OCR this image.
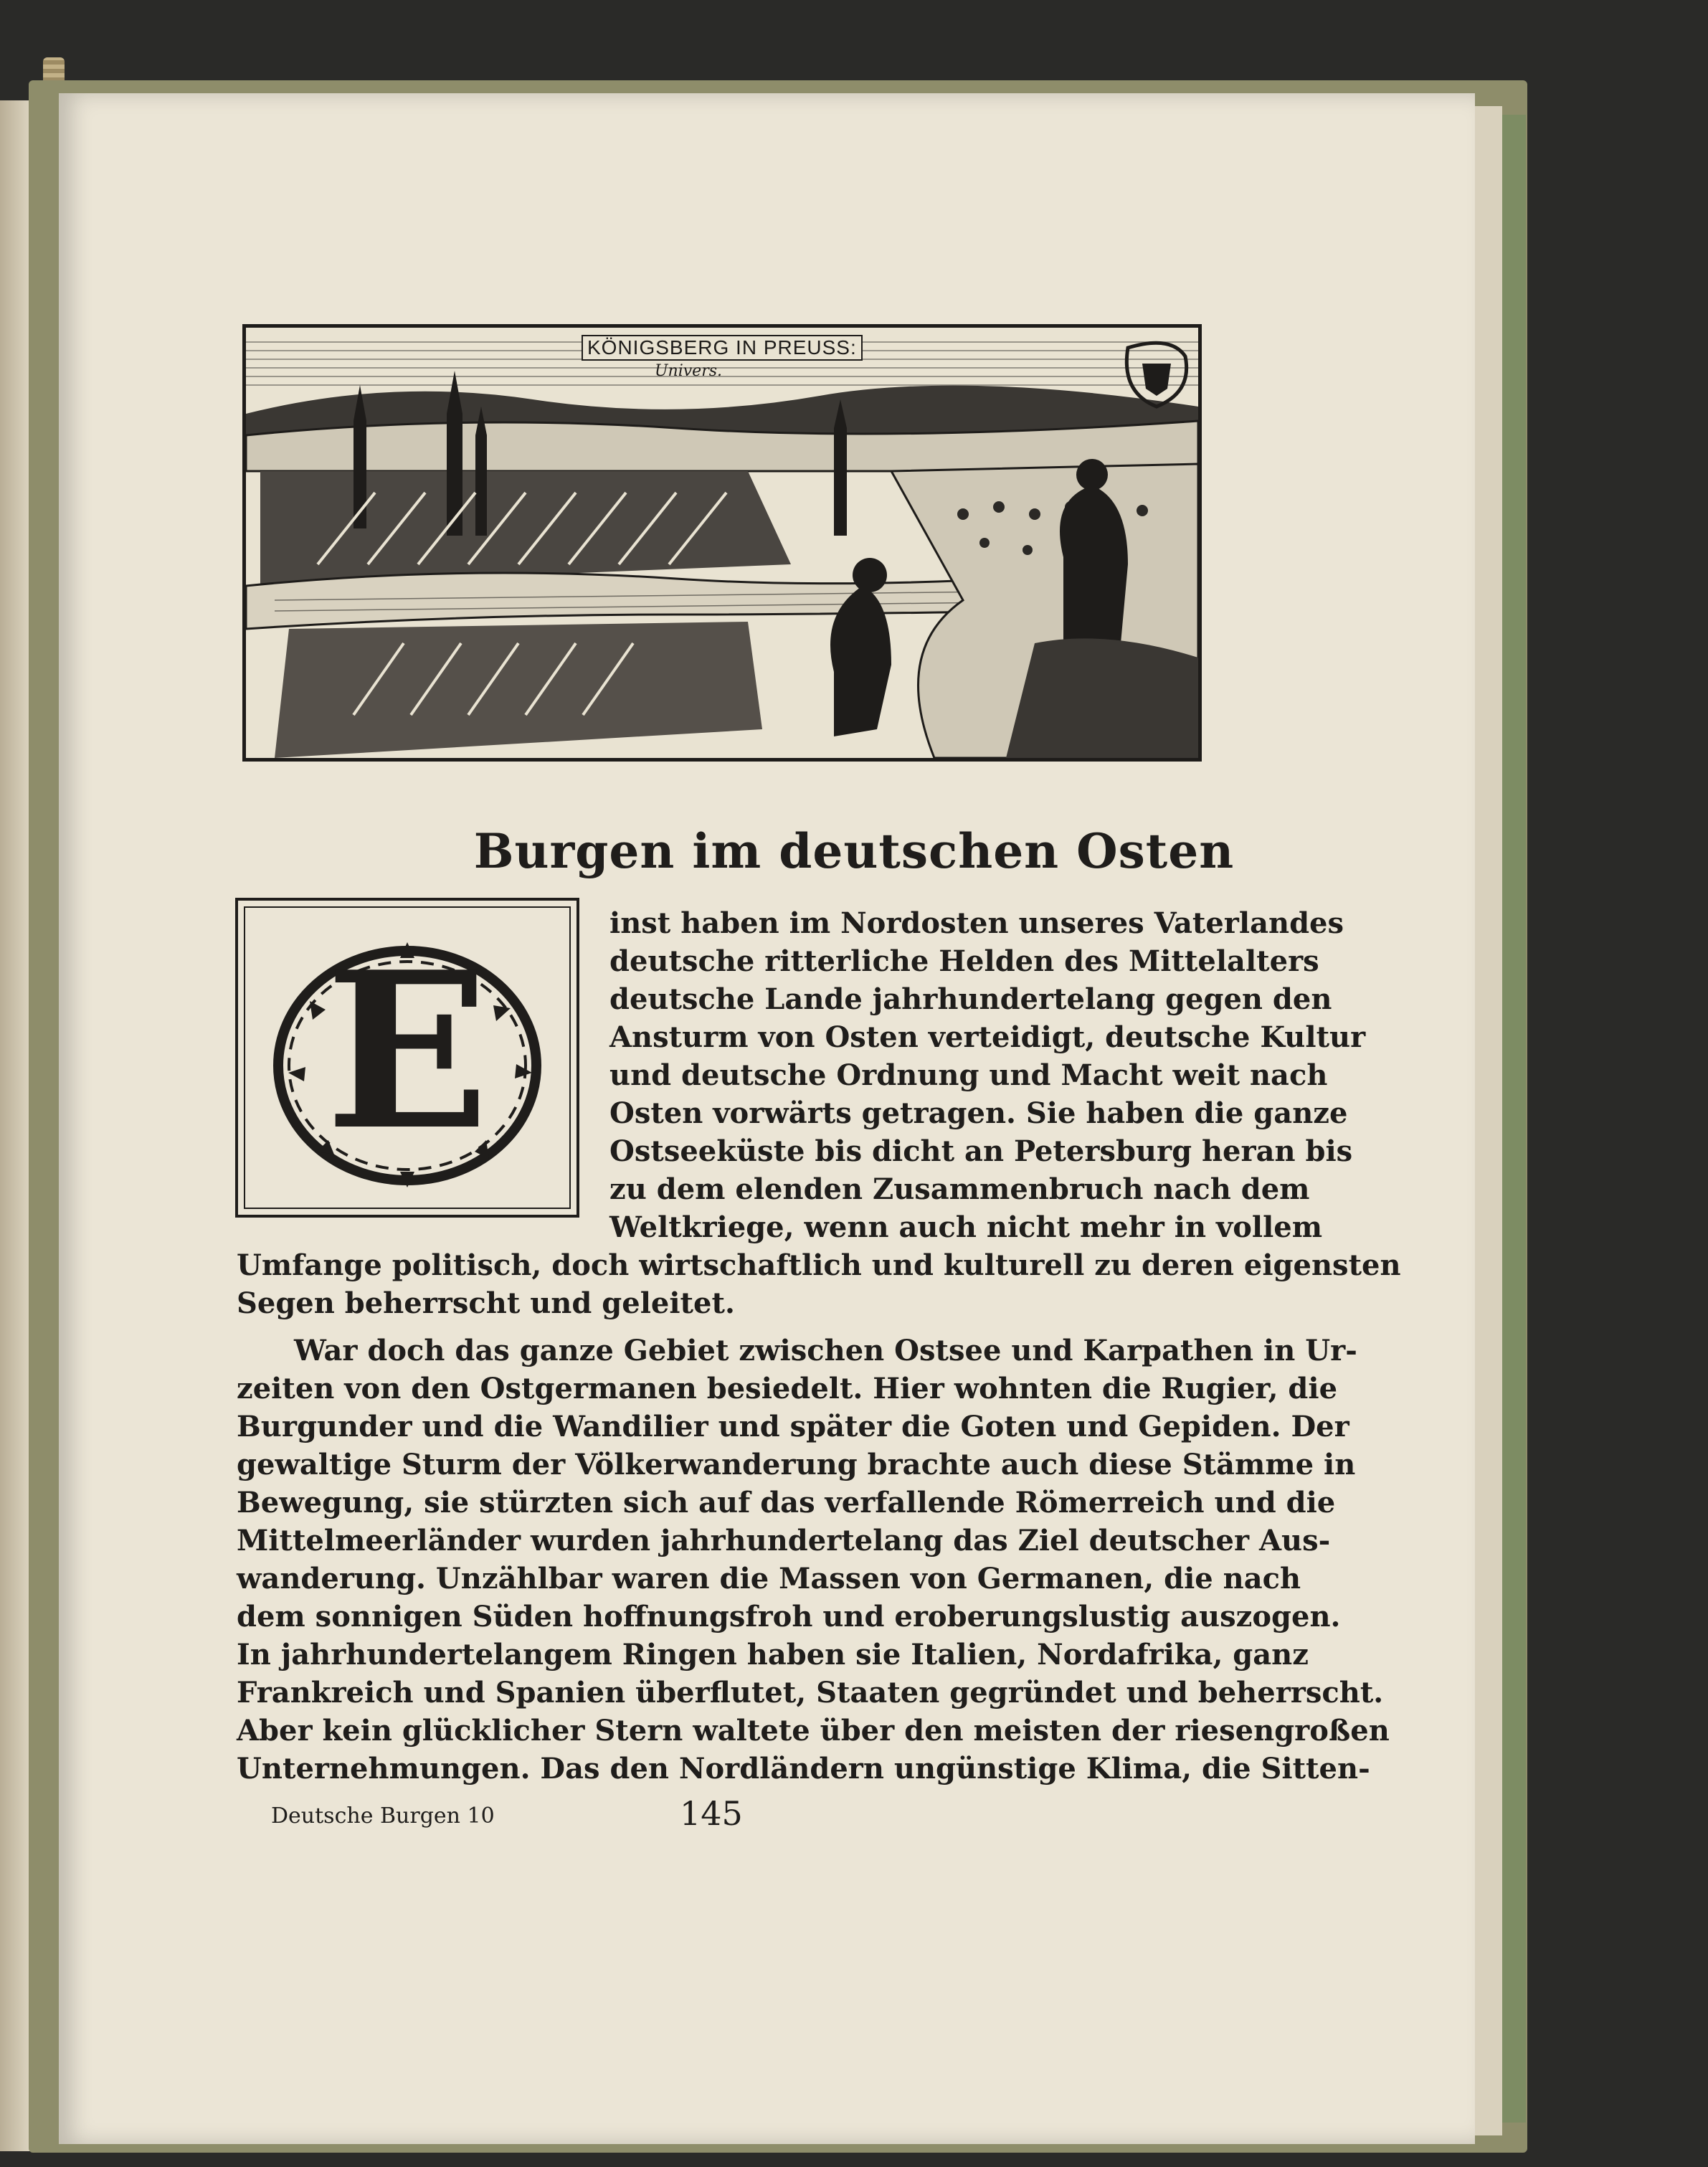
KÖNIGSBERG IN PREUSS:
Univers.
Burgen im deutschen Osten
E
inst haben im Nordosten unseres Vaterlandes
deutsche ritterliche Helden des Mittelalters
deutsche Lande jahrhundertelang gegen den
Ansturm von Osten verteidigt, deutsche Kultur
und deutsche Ordnung und Macht weit nach
Osten vorwärts getragen. Sie haben die ganze
Ostseeküste bis dicht an Petersburg heran bis
zu dem elenden Zusammenbruch nach dem
Weltkriege, wenn auch nicht mehr in vollem
Umfange politisch, doch wirtschaftlich und kulturell zu deren eigensten
Segen beherrscht und geleitet.
War doch das ganze Gebiet zwischen Ostsee und Karpathen in Ur-
zeiten von den Ostgermanen besiedelt. Hier wohnten die Rugier, die
Burgunder und die Wandilier und später die Goten und Gepiden. Der
gewaltige Sturm der Völkerwanderung brachte auch diese Stämme in
Bewegung, sie stürzten sich auf das verfallende Römerreich und die
Mittelmeerländer wurden jahrhundertelang das Ziel deutscher Aus-
wanderung. Unzählbar waren die Massen von Germanen, die nach
dem sonnigen Süden hoffnungsfroh und eroberungslustig auszogen.
In jahrhundertelangem Ringen haben sie Italien, Nordafrika, ganz
Frankreich und Spanien überflutet, Staaten gegründet und beherrscht.
Aber kein glücklicher Stern waltete über den meisten der riesengroßen
Unternehmungen. Das den Nordländern ungünstige Klima, die Sitten-
Deutsche Burgen 10	145
